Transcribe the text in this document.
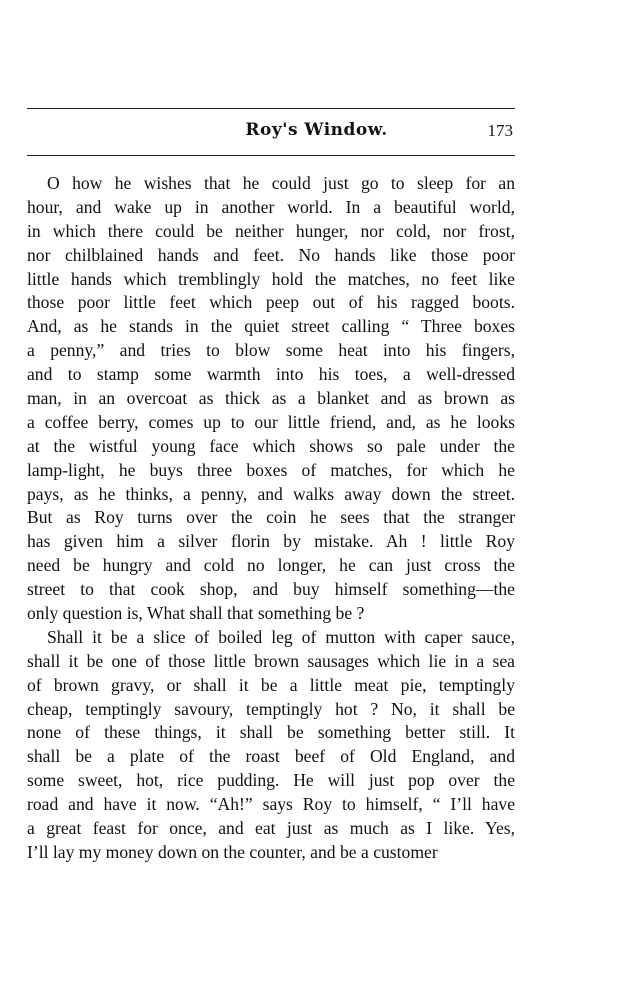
Roy's Window.	173
O how he wishes that he could just go to sleep for an
hour, and wake up in another world. In a beautiful world,
in which there could be neither hunger, nor cold, nor frost,
nor chilblained hands and feet. No hands like those poor
little hands which tremblingly hold the matches, no feet like
those poor little feet which peep out of his ragged boots.
And, as he stands in the quiet street calling “ Three boxes
a penny,” and tries to blow some heat into his fingers,
and to stamp some warmth into his toes, a well-dressed
man, in an overcoat as thick as a blanket and as brown as
a coffee berry, comes up to our little friend, and, as he looks
at the wistful young face which shows so pale under the
lamp-light, he buys three boxes of matches, for which he
pays, as he thinks, a penny, and walks away down the street.
But as Roy turns over the coin he sees that the stranger
has given him a silver florin by mistake. Ah ! little Roy
need be hungry and cold no longer, he can just cross the
street to that cook shop, and buy himself something—the
only question is, What shall that something be ?
Shall it be a slice of boiled leg of mutton with caper sauce,
shall it be one of those little brown sausages which lie in a sea
of brown gravy, or shall it be a little meat pie, temptingly
cheap, temptingly savoury, temptingly hot ? No, it shall be
none of these things, it shall be something better still. It
shall be a plate of the roast beef of Old England, and
some sweet, hot, rice pudding. He will just pop over the
road and have it now. “Ah!” says Roy to himself, “ I’ll have
a great feast for once, and eat just as much as I like. Yes,
I’ll lay my money down on the counter, and be a customer
